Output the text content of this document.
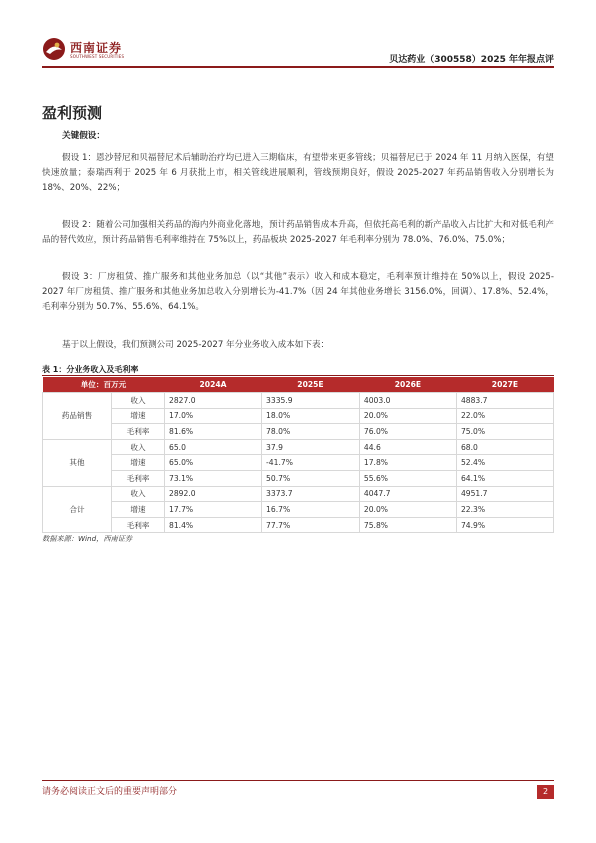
西南证券
SOUTHWEST SECURITIES	贝达药业（300558）2025 年年报点评
盈利预测
关键假设：
假设 1：恩沙替尼和贝福替尼术后辅助治疗均已进入三期临床，有望带来更多管线；贝福替尼已于 2024 年 11 月纳入医保，有望快速放量；泰瑞西利于 2025 年 6 月获批上市，相关管线进展顺利，管线预期良好，假设 2025-2027 年药品销售收入分别增长为 18%、20%、22%；
假设 2：随着公司加强相关药品的海内外商业化落地，预计药品销售成本升高，但依托高毛利的新产品收入占比扩大和对低毛利产品的替代效应，预计药品销售毛利率维持在 75%以上，药品板块 2025-2027 年毛利率分别为 78.0%、76.0%、75.0%；
假设 3：厂房租赁、推广服务和其他业务加总（以“其他”表示）收入和成本稳定，毛利率预计维持在 50%以上，假设 2025-2027 年厂房租赁、推广服务和其他业务加总收入分别增长为-41.7%（因 24 年其他业务增长 3156.0%，回调）、17.8%、52.4%，毛利率分别为 50.7%、55.6%、64.1%。
基于以上假设，我们预测公司 2025-2027 年分业务收入成本如下表：
表 1：分业务收入及毛利率
单位：百万元		2024A	2025E	2026E	2027E
药品销售	收入	2827.0	3335.9	4003.0	4883.7
	增速	17.0%	18.0%	20.0%	22.0%
	毛利率	81.6%	78.0%	76.0%	75.0%
其他	收入	65.0	37.9	44.6	68.0
	增速	65.0%	-41.7%	17.8%	52.4%
	毛利率	73.1%	50.7%	55.6%	64.1%
合计	收入	2892.0	3373.7	4047.7	4951.7
	增速	17.7%	16.7%	20.0%	22.3%
	毛利率	81.4%	77.7%	75.8%	74.9%
数据来源：Wind，西南证券
请务必阅读正文后的重要声明部分	2
